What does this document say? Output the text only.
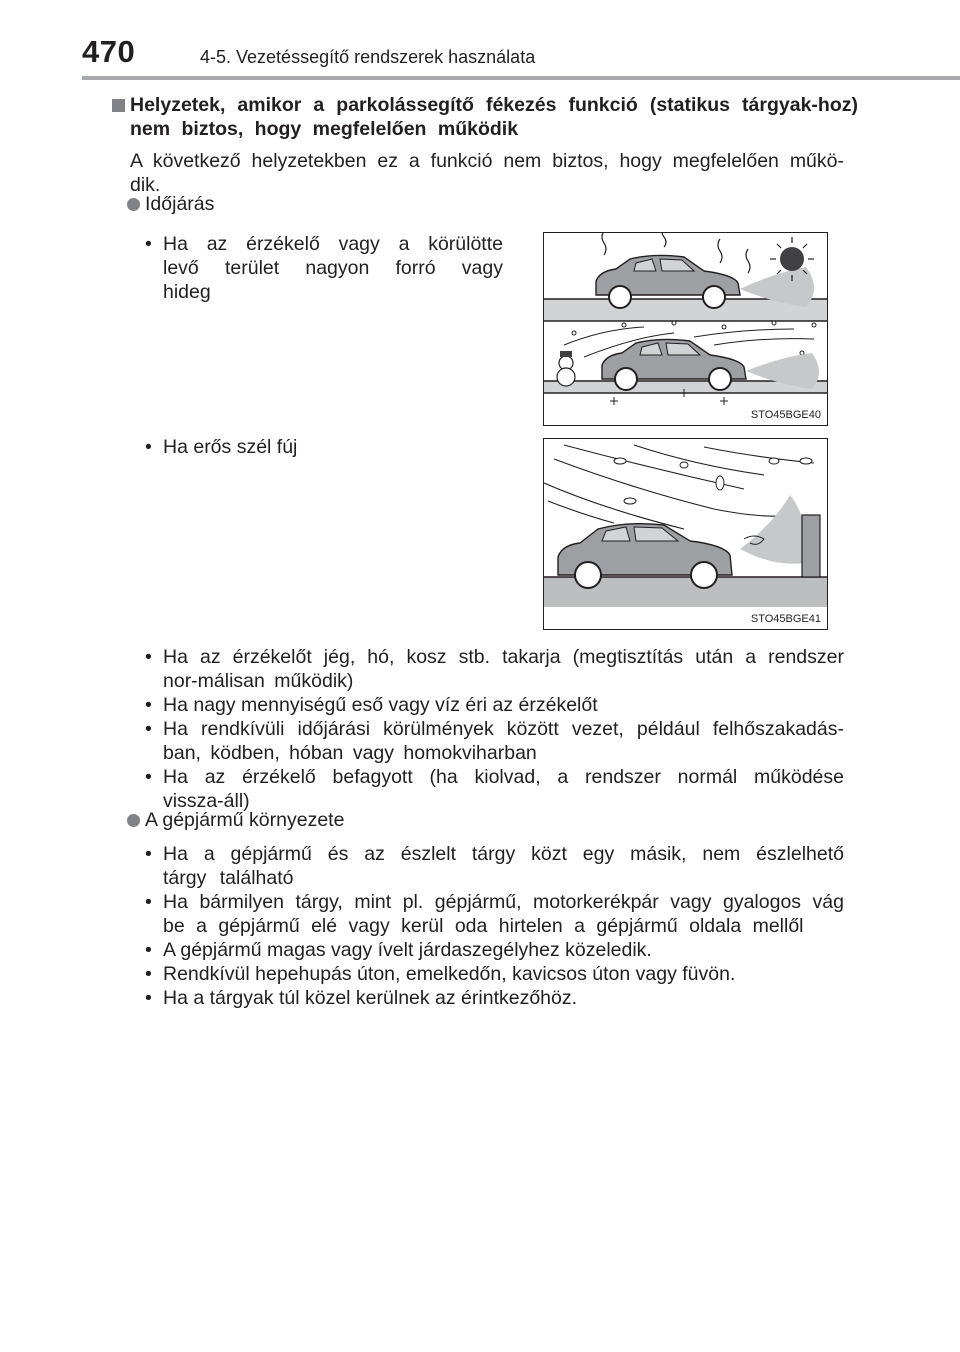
470	4-5. Vezetéssegítő rendszerek használata
Helyzetek, amikor a parkolássegítő fékezés funkció (statikus tárgyak-hoz) nem biztos, hogy megfelelően működik
A következő helyzetekben ez a funkció nem biztos, hogy megfelelően működik.
Időjárás
• Ha az érzékelő vagy a körülötte levő terület nagyon forró vagy hideg
• Ha erős szél fúj
STO45BGE40
STO45BGE41
• Ha az érzékelőt jég, hó, kosz stb. takarja (megtisztítás után a rendszer nor-málisan működik)
• Ha nagy mennyiségű eső vagy víz éri az érzékelőt
• Ha rendkívüli időjárási körülmények között vezet, például felhőszakadás-ban, ködben, hóban vagy homokviharban
• Ha az érzékelő befagyott (ha kiolvad, a rendszer normál működése vissza-áll)
A gépjármű környezete
• Ha a gépjármű és az észlelt tárgy közt egy másik, nem észlelhető tárgy található
• Ha bármilyen tárgy, mint pl. gépjármű, motorkerékpár vagy gyalogos vág be a gépjármű elé vagy kerül oda hirtelen a gépjármű oldala mellől
• A gépjármű magas vagy ívelt járdaszegélyhez közeledik.
• Rendkívül hepehupás úton, emelkedőn, kavicsos úton vagy füvön.
• Ha a tárgyak túl közel kerülnek az érintkezőhöz.
